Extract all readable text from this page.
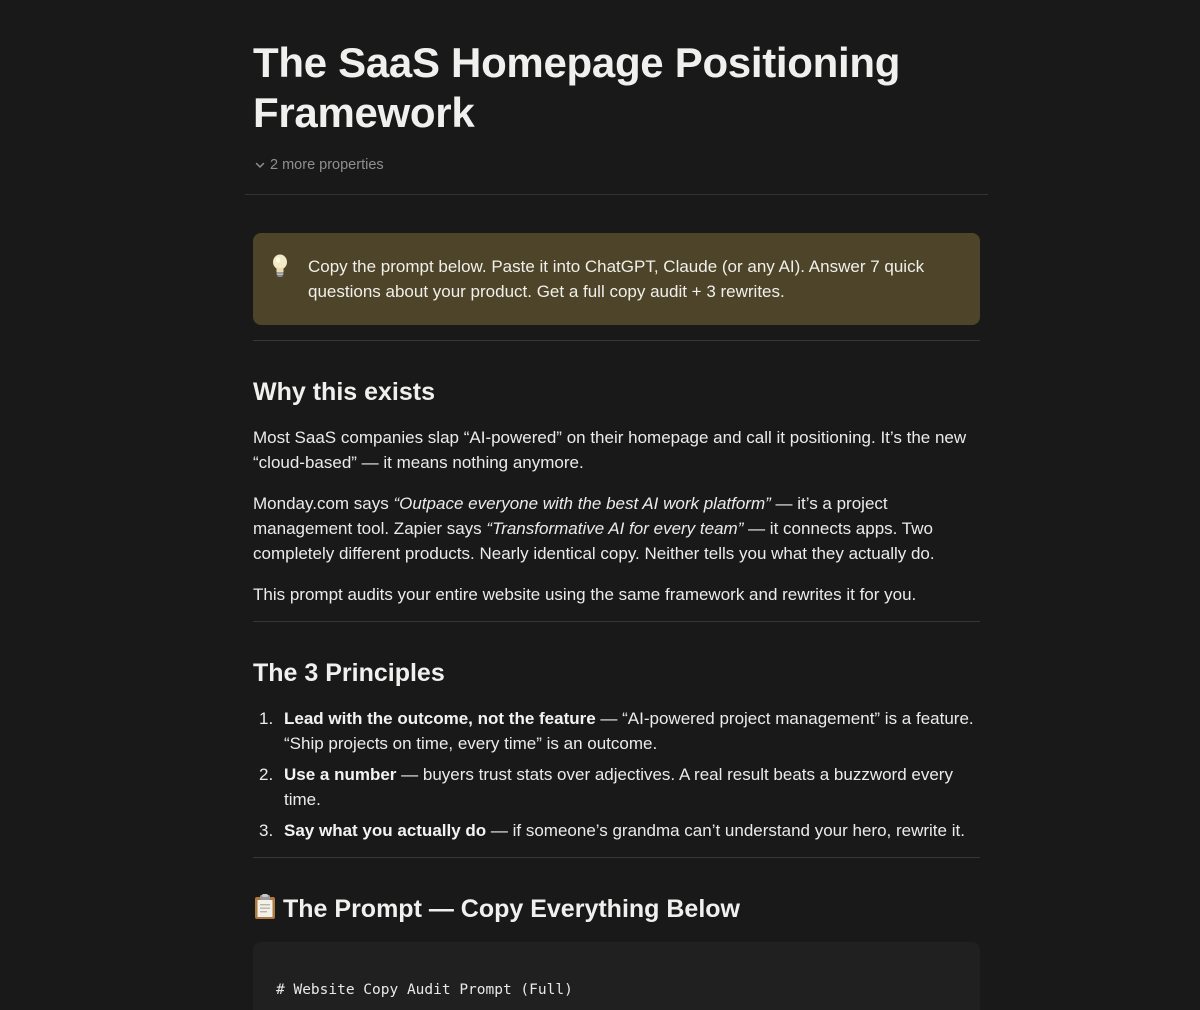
The SaaS Homepage Positioning Framework
2 more properties
Copy the prompt below. Paste it into ChatGPT, Claude (or any AI). Answer 7 quick questions about your product. Get a full copy audit + 3 rewrites.
Why this exists

Most SaaS companies slap “AI-powered” on their homepage and call it positioning. It’s the new “cloud-based” — it means nothing anymore.

Monday.com says “Outpace everyone with the best AI work platform” — it’s a project management tool. Zapier says “Transformative AI for every team” — it connects apps. Two completely different products. Nearly identical copy. Neither tells you what they actually do.

This prompt audits your entire website using the same framework and rewrites it for you.

The 3 Principles
1. Lead with the outcome, not the feature — “AI-powered project management” is a feature. “Ship projects on time, every time” is an outcome.
2. Use a number — buyers trust stats over adjectives. A real result beats a buzzword every time.
3. Say what you actually do — if someone’s grandma can’t understand your hero, rewrite it.
The Prompt — Copy Everything Below
# Website Copy Audit Prompt (Full)
